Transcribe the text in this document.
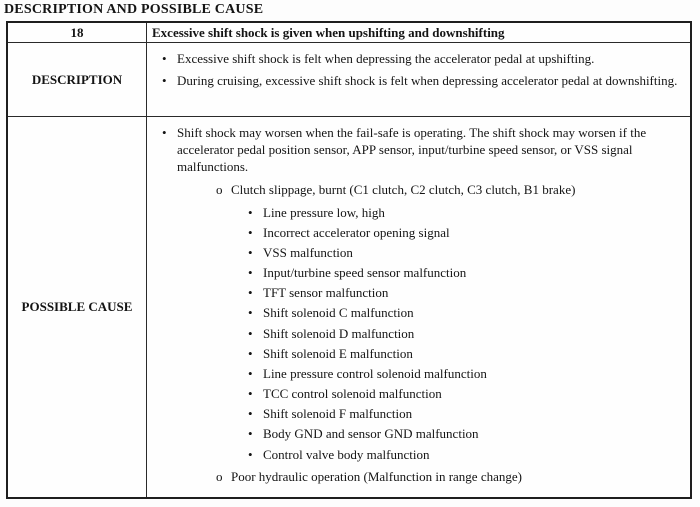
DESCRIPTION AND POSSIBLE CAUSE
18	Excessive shift shock is given when upshifting and downshifting
DESCRIPTION
• Excessive shift shock is felt when depressing the accelerator pedal at upshifting.
• During cruising, excessive shift shock is felt when depressing accelerator pedal at downshifting.
POSSIBLE CAUSE
• Shift shock may worsen when the fail-safe is operating. The shift shock may worsen if the accelerator pedal position sensor, APP sensor, input/turbine speed sensor, or VSS signal malfunctions.
o Clutch slippage, burnt (C1 clutch, C2 clutch, C3 clutch, B1 brake)
• Line pressure low, high
• Incorrect accelerator opening signal
• VSS malfunction
• Input/turbine speed sensor malfunction
• TFT sensor malfunction
• Shift solenoid C malfunction
• Shift solenoid D malfunction
• Shift solenoid E malfunction
• Line pressure control solenoid malfunction
• TCC control solenoid malfunction
• Shift solenoid F malfunction
• Body GND and sensor GND malfunction
• Control valve body malfunction
o Poor hydraulic operation (Malfunction in range change)
